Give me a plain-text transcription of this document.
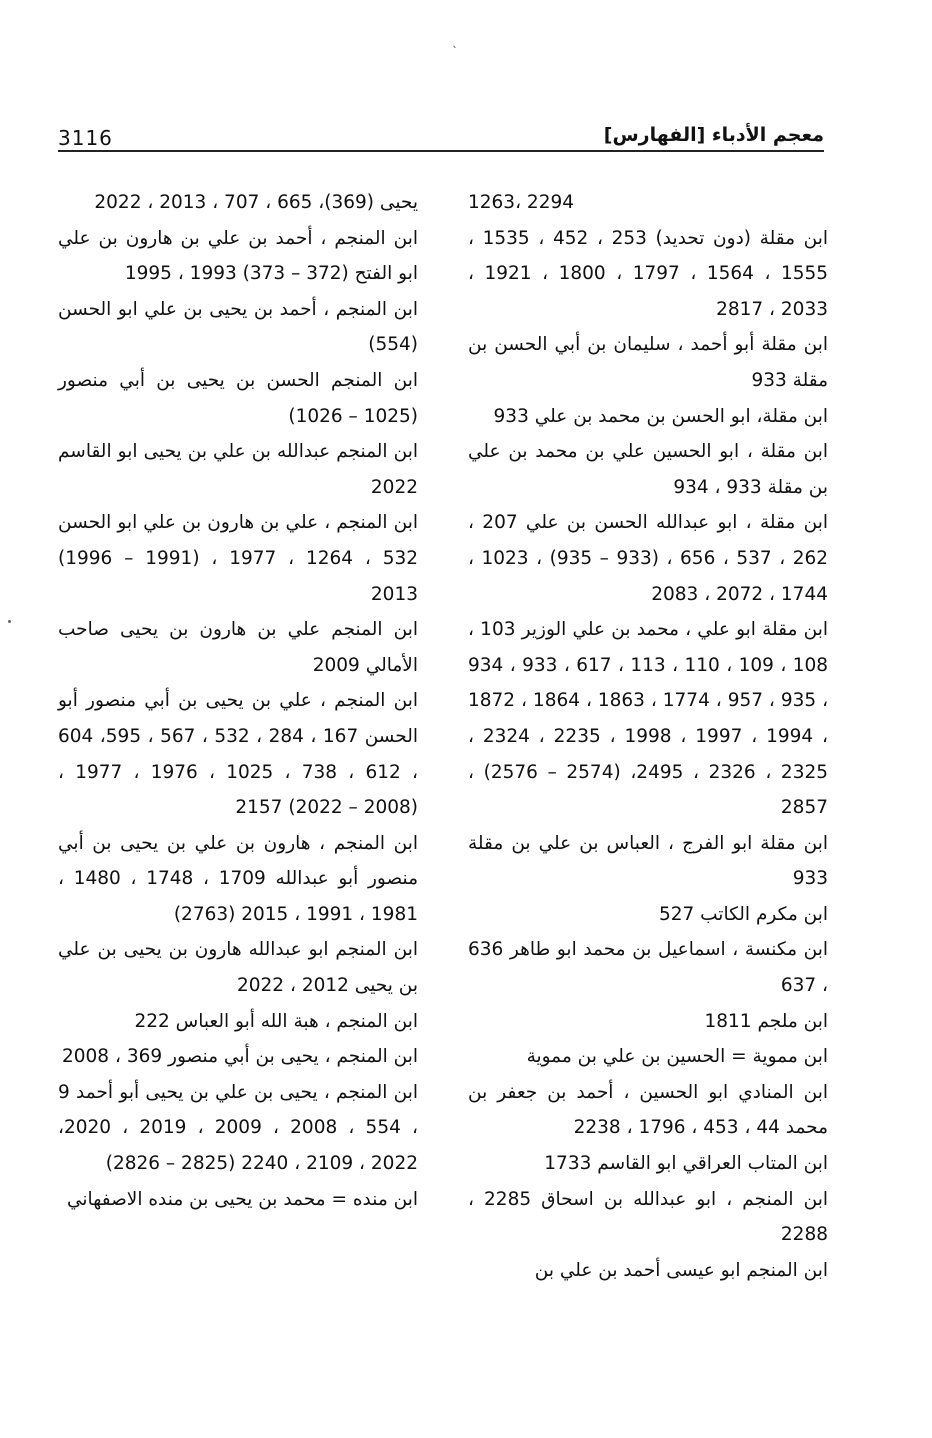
ˎ
3116	معجم الأدباء [الفهارس]
1263، 2294
ابن مقلة (دون تحديد) 253 ، 452 ، 1535 ، 1555 ، 1564 ، 1797 ، 1800 ، 1921 ، 2033 ، 2817
ابن مقلة أبو أحمد ، سليمان بن أبي الحسن بن مقلة 933
ابن مقلة، ابو الحسن بن محمد بن علي 933
ابن مقلة ، ابو الحسين علي بن محمد بن علي بن مقلة 933 ، 934
ابن مقلة ، ابو عبدالله الحسن بن علي 207 ، 262 ، 537 ، 656 ، (933 – 935) ، 1023 ، 1744 ، 2072 ، 2083
ابن مقلة ابو علي ، محمد بن علي الوزير 103 ، 108 ، 109 ، 110 ، 113 ، 617 ، 933 ، 934 ، 935 ، 957 ، 1774 ، 1863 ، 1864 ، 1872 ، 1994 ، 1997 ، 1998 ، 2235 ، 2324 ، 2325 ، 2326 ، 2495، (2574 – 2576) ، 2857
ابن مقلة ابو الفرج ، العباس بن علي بن مقلة 933
ابن مكرم الكاتب 527
ابن مكنسة ، اسماعيل بن محمد ابو طاهر 636 ، 637
ابن ملجم 1811
ابن مموية = الحسين بن علي بن مموية
ابن المنادي ابو الحسين ، أحمد بن جعفر بن محمد 44 ، 453 ، 1796 ، 2238
ابن المتاب العراقي ابو القاسم 1733
ابن المنجم ، ابو عبدالله بن اسحاق 2285 ، 2288
ابن المنجم ابو عيسى أحمد بن علي بن
يحيى (369)، 665 ، 707 ، 2013 ، 2022
ابن المنجم ، أحمد بن علي بن هارون بن علي ابو الفتح (372 – 373) 1993 ، 1995
ابن المنجم ، أحمد بن يحيى بن علي ابو الحسن (554)
ابن المنجم الحسن بن يحيى بن أبي منصور (1025 – 1026)
ابن المنجم عبدالله بن علي بن يحيى ابو القاسم 2022
ابن المنجم ، علي بن هارون بن علي ابو الحسن 532 ، 1264 ، 1977 ، (1991 – 1996) 2013
ابن المنجم علي بن هارون بن يحيى صاحب الأمالي 2009
ابن المنجم ، علي بن يحيى بن أبي منصور أبو الحسن 167 ، 284 ، 532 ، 567 ، 595، 604 ، 612 ، 738 ، 1025 ، 1976 ، 1977 ، (2008 – 2022) 2157
ابن المنجم ، هارون بن علي بن يحيى بن أبي منصور أبو عبدالله 1709 ، 1748 ، 1480 ، 1981 ، 1991 ، 2015 (2763)
ابن المنجم ابو عبدالله هارون بن يحيى بن علي بن يحيى 2012 ، 2022
ابن المنجم ، هبة الله أبو العباس 222
ابن المنجم ، يحيى بن أبي منصور 369 ، 2008
ابن المنجم ، يحيى بن علي بن يحيى أبو أحمد 9 ، 554 ، 2008 ، 2009 ، 2019 ، 2020، 2022 ، 2109 ، 2240 (2825 – 2826)
ابن منده = محمد بن يحيى بن منده الاصفهاني
